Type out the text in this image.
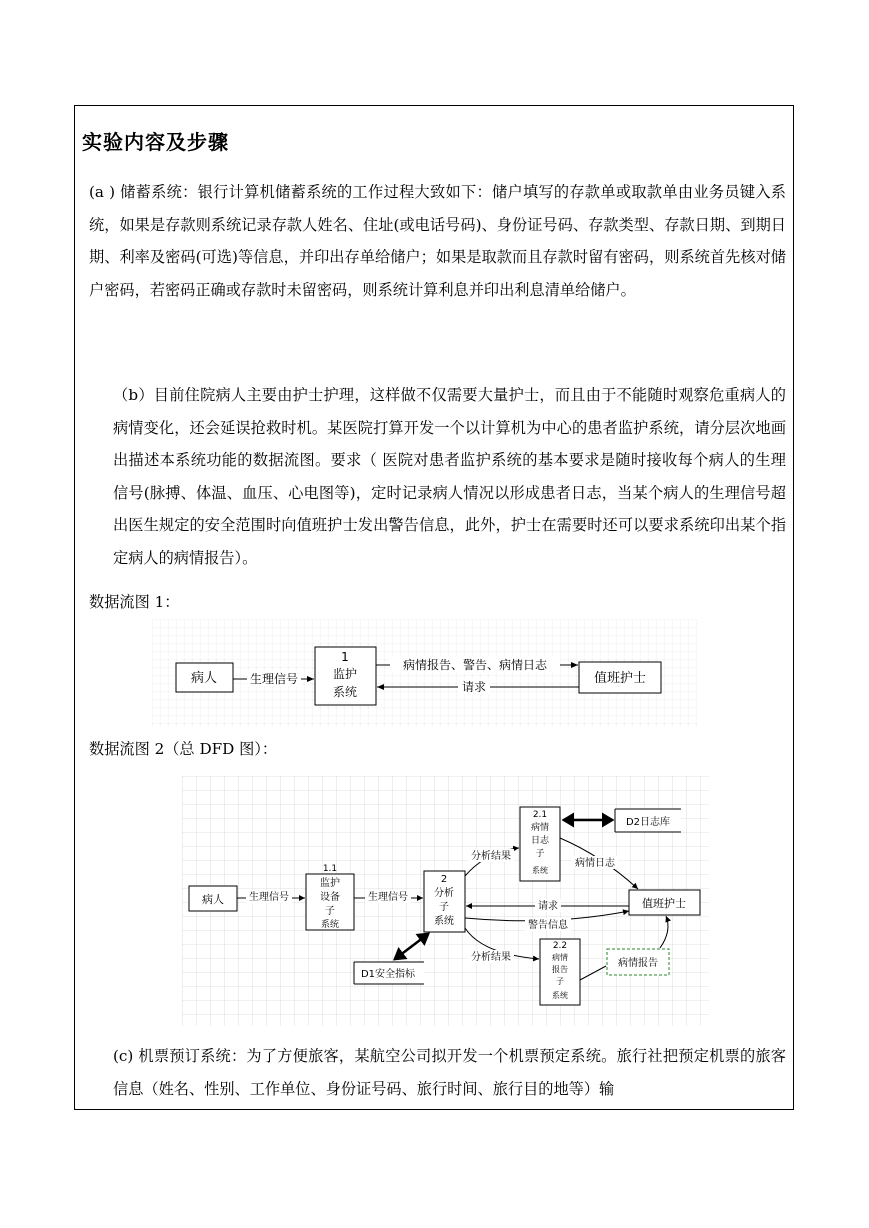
实验内容及步骤
(a ) 储蓄系统：银行计算机储蓄系统的工作过程大致如下：储户填写的存款单或取款单由业务员键入系统，如果是存款则系统记录存款人姓名、住址(或电话号码)、身份证号码、存款类型、存款日期、到期日期、利率及密码(可选)等信息，并印出存单给储户；如果是取款而且存款时留有密码，则系统首先核对储户密码，若密码正确或存款时未留密码，则系统计算利息并印出利息清单给储户。
（b）目前住院病人主要由护士护理，这样做不仅需要大量护士，而且由于不能随时观察危重病人的病情变化，还会延误抢救时机。某医院打算开发一个以计算机为中心的患者监护系统，请分层次地画出描述本系统功能的数据流图。要求（ 医院对患者监护系统的基本要求是随时接收每个病人的生理信号(脉搏、体温、血压、心电图等)，定时记录病人情况以形成患者日志，当某个病人的生理信号超出医生规定的安全范围时向值班护士发出警告信息，此外，护士在需要时还可以要求系统印出某个指定病人的病情报告）。
数据流图 1：
病人
1
监护
系统
值班护士
生理信号
病情报告、警告、病情日志
请求
数据流图 2（总 DFD 图）：
病人
1.1
监护
设备
子
系统
2
分析
子
系统
2.1
病情
日志
子
系统
2.2
病情
报告
子
系统
D2日志库
D1安全指标
值班护士
病情报告
生理信号	生理信号
分析结果
分析结果
病情日志
请求
警告信息
(c) 机票预订系统：为了方便旅客，某航空公司拟开发一个机票预定系统。旅行社把预定机票的旅客信息（姓名、性别、工作单位、身份证号码、旅行时间、旅行目的地等）输
